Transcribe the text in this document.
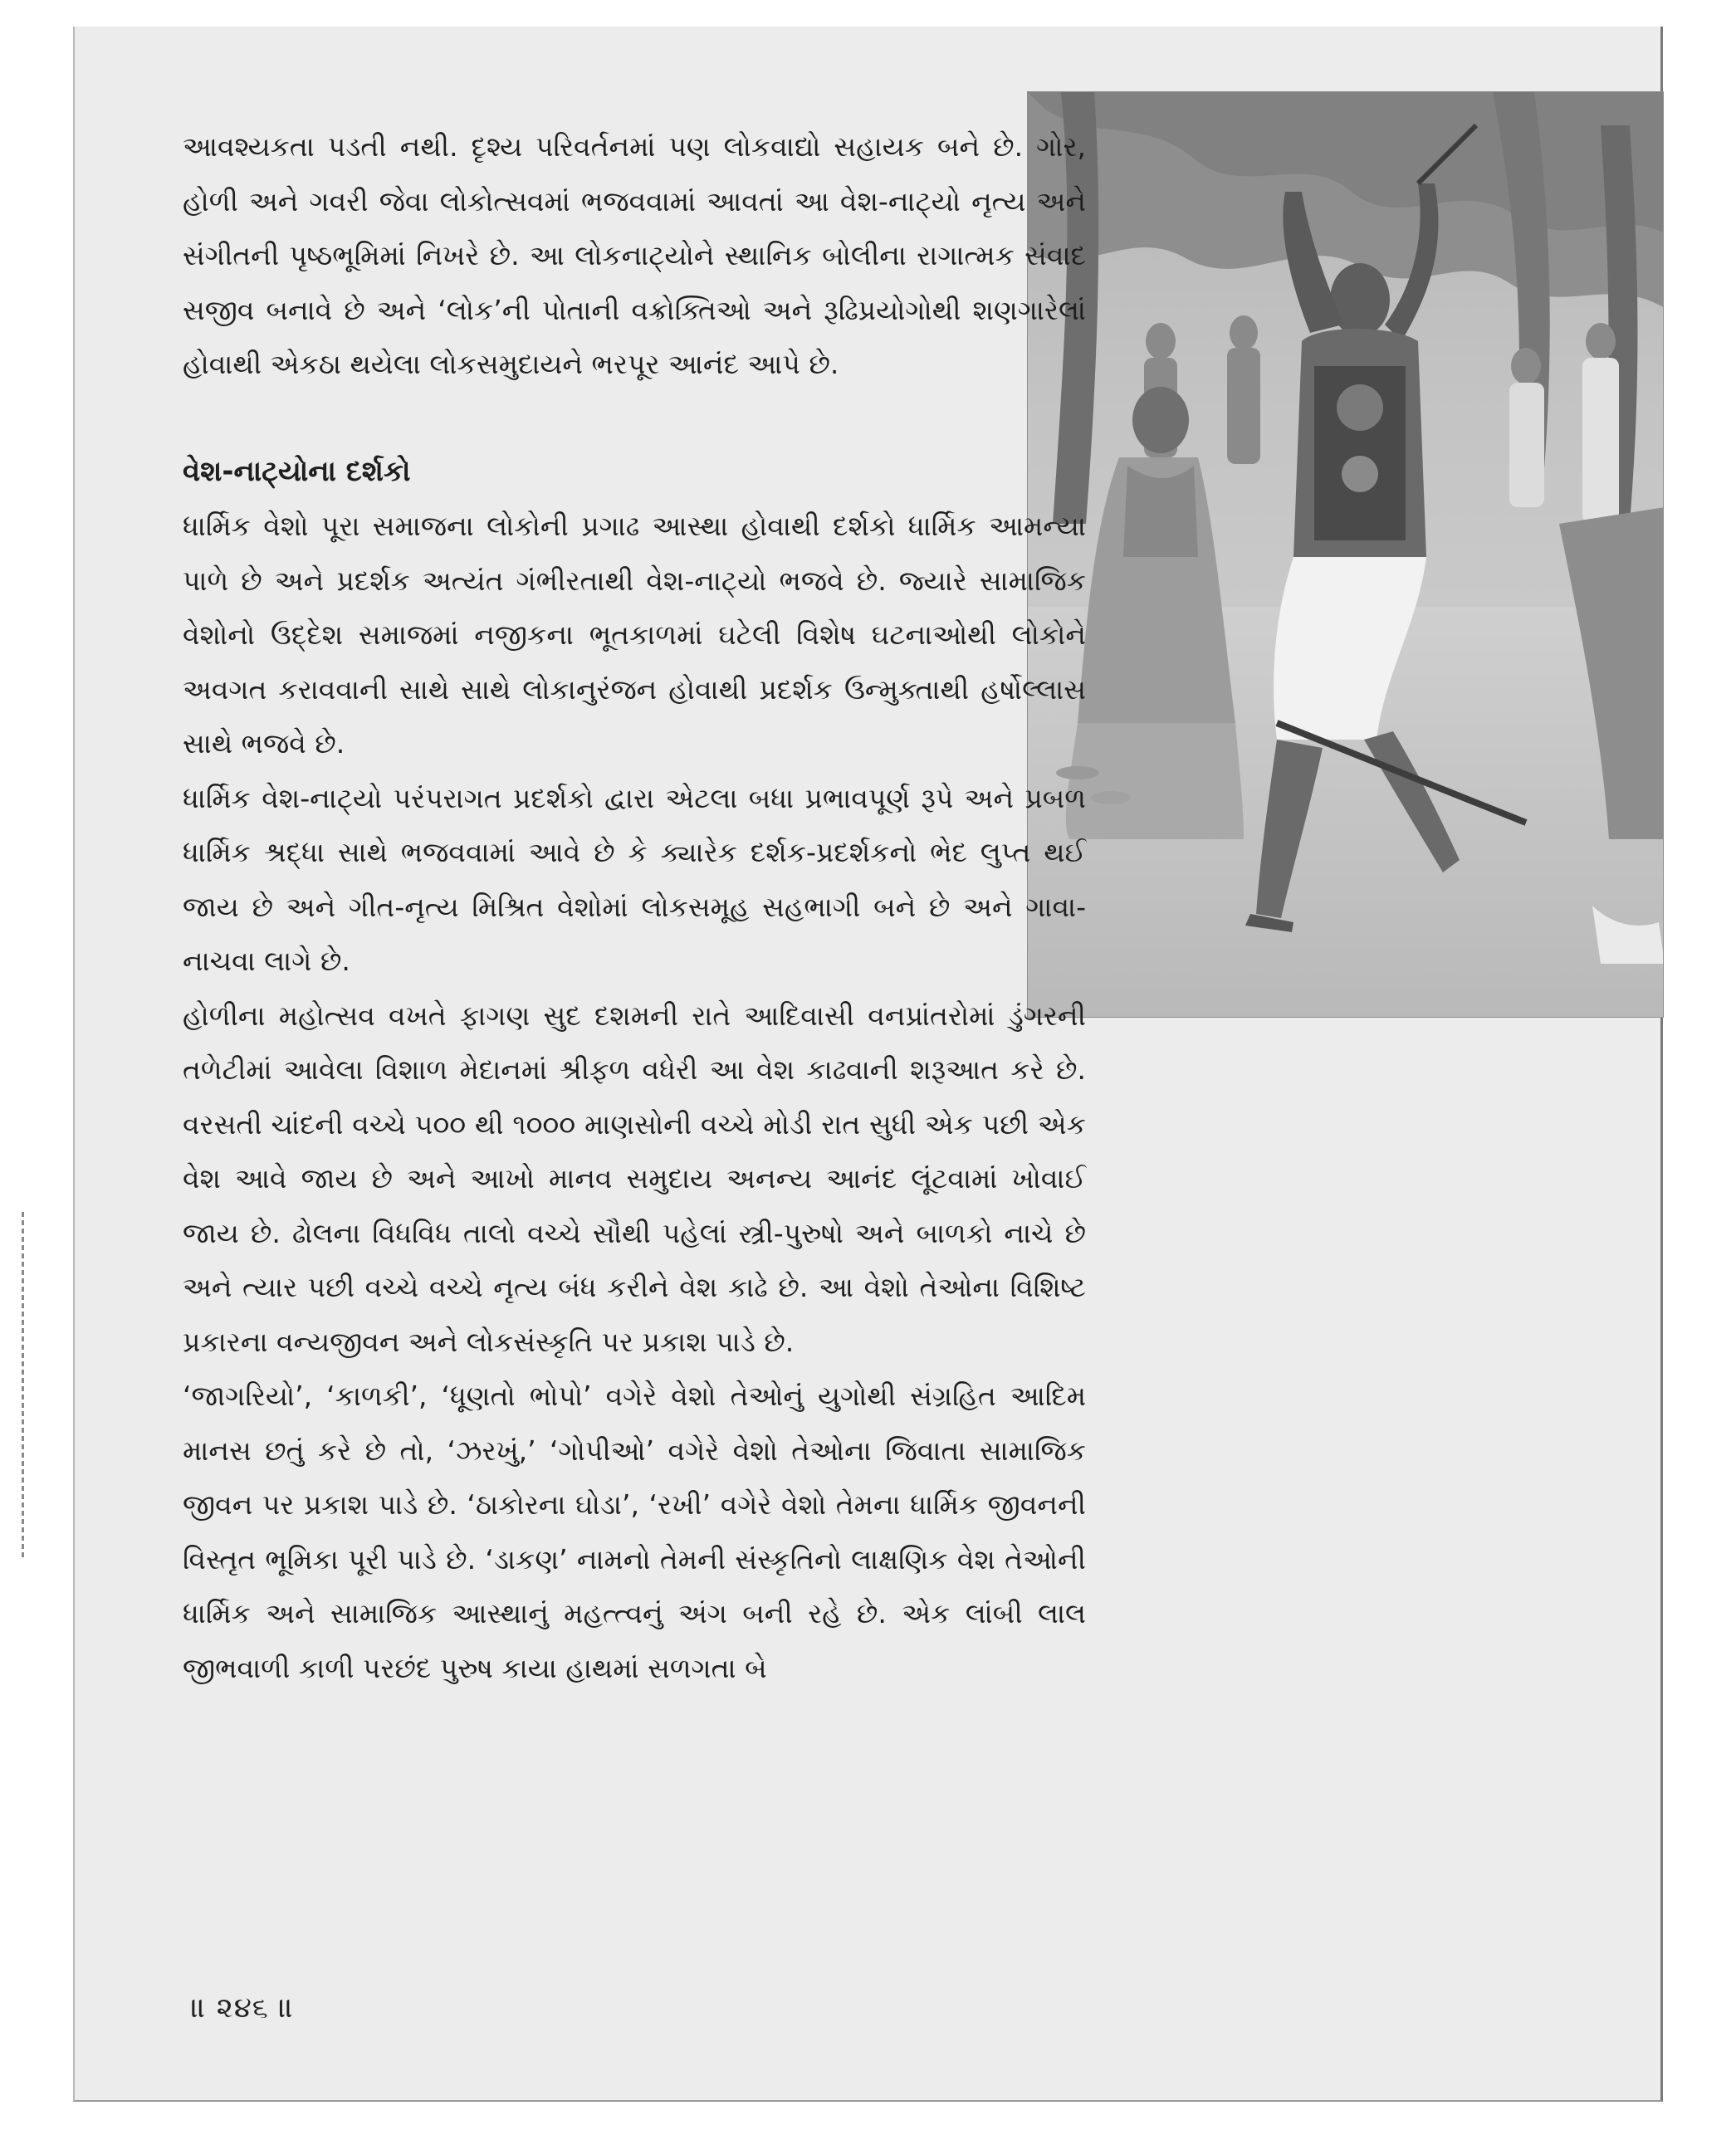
આવશ્યકતા પડતી નથી. દૃશ્ય પરિવર્તનમાં પણ લોકવાદ્યો સહાયક બને છે. ગોર, હોળી અને ગવરી જેવા લોકોત્સવમાં ભજવવામાં આવતાં આ વેશ-નાટ્યો નૃત્ય અને સંગીતની પૃષ્ઠભૂમિમાં નિખરે છે. આ લોકનાટ્યોને સ્થાનિક બોલીના રાગાત્મક સંવાદ સજીવ બનાવે છે અને ‘લોક’ની પોતાની વક્રોક્તિઓ અને રૂઢિપ્રયોગોથી શણગારેલાં હોવાથી એકઠા થયેલા લોકસમુદાયને ભરપૂર આનંદ આપે છે.

વેશ-નાટ્યોના દર્શકો

ધાર્મિક વેશો પૂરા સમાજના લોકોની પ્રગાઢ આસ્થા હોવાથી દર્શકો ધાર્મિક આમન્યા પાળે છે અને પ્રદર્શક અત્યંત ગંભીરતાથી વેશ-નાટ્યો ભજવે છે. જ્યારે સામાજિક વેશોનો ઉદ્દેશ સમાજમાં નજીકના ભૂતકાળમાં ઘટેલી વિશેષ ઘટનાઓથી લોકોને અવગત કરાવવાની સાથે સાથે લોકાનુરંજન હોવાથી પ્રદર્શક ઉન્મુક્તાથી હર્ષોલ્લાસ સાથે ભજવે છે.

ધાર્મિક વેશ-નાટ્યો પરંપરાગત પ્રદર્શકો દ્વારા એટલા બધા પ્રભાવપૂર્ણ રૂપે અને પ્રબળ ધાર્મિક શ્રદ્ધા સાથે ભજવવામાં આવે છે કે ક્યારેક દર્શક-પ્રદર્શકનો ભેદ લુપ્ત થઈ જાય છે અને ગીત-નૃત્ય મિશ્રિત વેશોમાં લોકસમૂહ સહભાગી બને છે અને ગાવા-નાચવા લાગે છે.

હોળીના મહોત્સવ વખતે ફાગણ સુદ દશમની રાતે આદિવાસી વનપ્રાંતરોમાં ડુંગરની તળેટીમાં આવેલા વિશાળ મેદાનમાં શ્રીફળ વધેરી આ વેશ કાઢવાની શરૂઆત કરે છે. વરસતી ચાંદની વચ્ચે ૫૦૦ થી ૧૦૦૦ માણસોની વચ્ચે મોડી રાત સુધી એક પછી એક વેશ આવે જાય છે અને આખો માનવ સમુદાય અનન્ય આનંદ લૂંટવામાં ખોવાઈ જાય છે. ઢોલના વિધવિધ તાલો વચ્ચે સૌથી પહેલાં સ્ત્રી-પુરુષો અને બાળકો નાચે છે અને ત્યાર પછી વચ્ચે વચ્ચે નૃત્ય બંધ કરીને વેશ કાઢે છે. આ વેશો તેઓના વિશિષ્ટ પ્રકારના વન્યજીવન અને લોકસંસ્કૃતિ પર પ્રકાશ પાડે છે.

‘જાગરિયો’, ‘કાળકી’, ‘ધૂણતો ભોપો’ વગેરે વેશો તેઓનું યુગોથી સંગ્રહિત આદિમ માનસ છતું કરે છે તો, ‘ઝરખું,’ ‘ગોપીઓ’ વગેરે વેશો તેઓના જિવાતા સામાજિક જીવન પર પ્રકાશ પાડે છે. ‘ઠાકોરના ઘોડા’, ‘રખી’ વગેરે વેશો તેમના ધાર્મિક જીવનની વિસ્તૃત ભૂમિકા પૂરી પાડે છે. ‘ડાકણ’ નામનો તેમની સંસ્કૃતિનો લાક્ષણિક વેશ તેઓની ધાર્મિક અને સામાજિક આસ્થાનું મહત્ત્વનું અંગ બની રહે છે. એક લાંબી લાલ જીભવાળી કાળી પરછંદ પુરુષ કાયા હાથમાં સળગતા બે

॥ ૨૪૬ ॥
